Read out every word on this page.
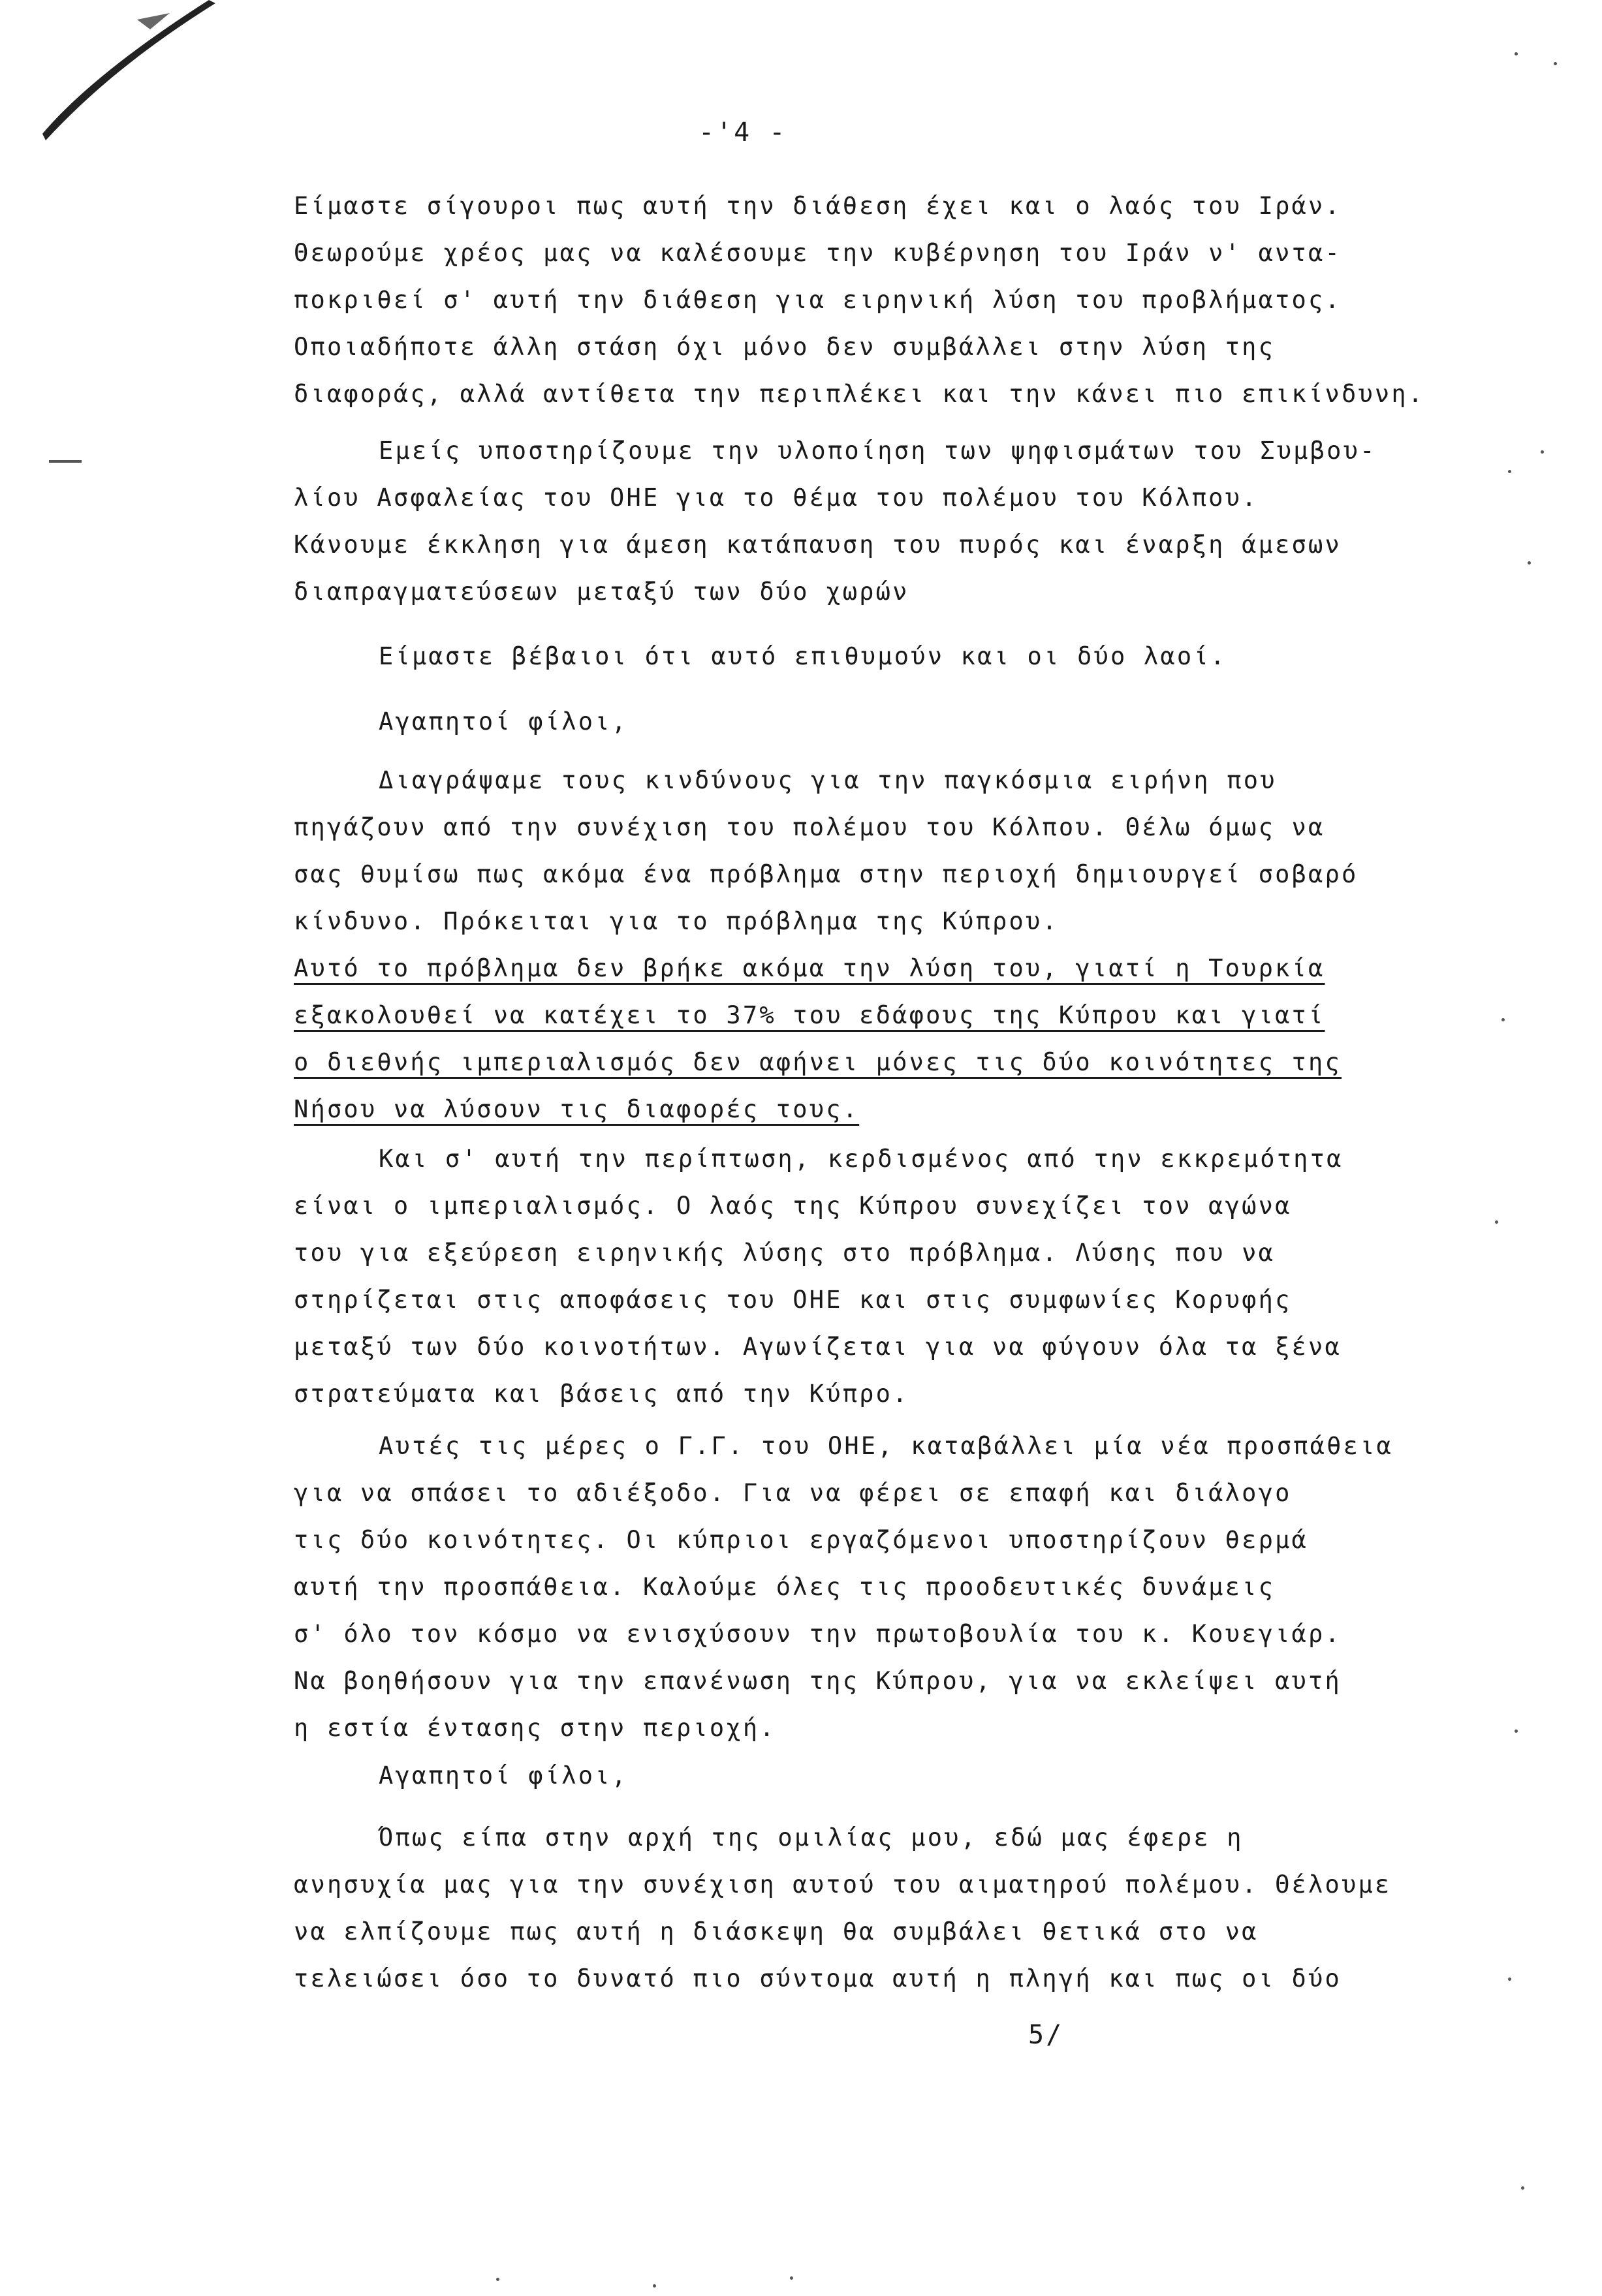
-'4 -
Είμαστε σίγουροι πως αυτή την διάθεση έχει και ο λαός του Ιράν.
Θεωρούμε χρέος μας να καλέσουμε την κυβέρνηση του Ιράν ν' αντα-
ποκριθεί σ' αυτή την διάθεση για ειρηνική λύση του προβλήματος.
Οποιαδήποτε άλλη στάση όχι μόνο δεν συμβάλλει στην λύση της
διαφοράς, αλλά αντίθετα την περιπλέκει και την κάνει πιο επικίνδυνη.
Εμείς υποστηρίζουμε την υλοποίηση των ψηφισμάτων του Συμβου-
λίου Ασφαλείας του ΟΗΕ για το θέμα του πολέμου του Κόλπου.
Κάνουμε έκκληση για άμεση κατάπαυση του πυρός και έναρξη άμεσων
διαπραγματεύσεων μεταξύ των δύο χωρών
Είμαστε βέβαιοι ότι αυτό επιθυμούν και οι δύο λαοί.
Αγαπητοί φίλοι,
Διαγράψαμε τους κινδύνους για την παγκόσμια ειρήνη που
πηγάζουν από την συνέχιση του πολέμου του Κόλπου. Θέλω όμως να
σας θυμίσω πως ακόμα ένα πρόβλημα στην περιοχή δημιουργεί σοβαρό
κίνδυνο. Πρόκειται για το πρόβλημα της Κύπρου.
Αυτό το πρόβλημα δεν βρήκε ακόμα την λύση του, γιατί η Τουρκία
εξακολουθεί να κατέχει το 37% του εδάφους της Κύπρου και γιατί
ο διεθνής ιμπεριαλισμός δεν αφήνει μόνες τις δύο κοινότητες της
Νήσου να λύσουν τις διαφορές τους.
Και σ' αυτή την περίπτωση, κερδισμένος από την εκκρεμότητα
είναι ο ιμπεριαλισμός. Ο λαός της Κύπρου συνεχίζει τον αγώνα
του για εξεύρεση ειρηνικής λύσης στο πρόβλημα. Λύσης που να
στηρίζεται στις αποφάσεις του ΟΗΕ και στις συμφωνίες Κορυφής
μεταξύ των δύο κοινοτήτων. Αγωνίζεται για να φύγουν όλα τα ξένα
στρατεύματα και βάσεις από την Κύπρο.
Αυτές τις μέρες ο Γ.Γ. του ΟΗΕ, καταβάλλει μία νέα προσπάθεια
για να σπάσει το αδιέξοδο. Για να φέρει σε επαφή και διάλογο
τις δύο κοινότητες. Οι κύπριοι εργαζόμενοι υποστηρίζουν θερμά
αυτή την προσπάθεια. Καλούμε όλες τις προοδευτικές δυνάμεις
σ' όλο τον κόσμο να ενισχύσουν την πρωτοβουλία του κ. Κουεγιάρ.
Να βοηθήσουν για την επανένωση της Κύπρου, για να εκλείψει αυτή
η εστία έντασης στην περιοχή.
Αγαπητοί φίλοι,
Όπως είπα στην αρχή της ομιλίας μου, εδώ μας έφερε η
ανησυχία μας για την συνέχιση αυτού του αιματηρού πολέμου. Θέλουμε
να ελπίζουμε πως αυτή η διάσκεψη θα συμβάλει θετικά στο να
τελειώσει όσο το δυνατό πιο σύντομα αυτή η πληγή και πως οι δύο
5/
